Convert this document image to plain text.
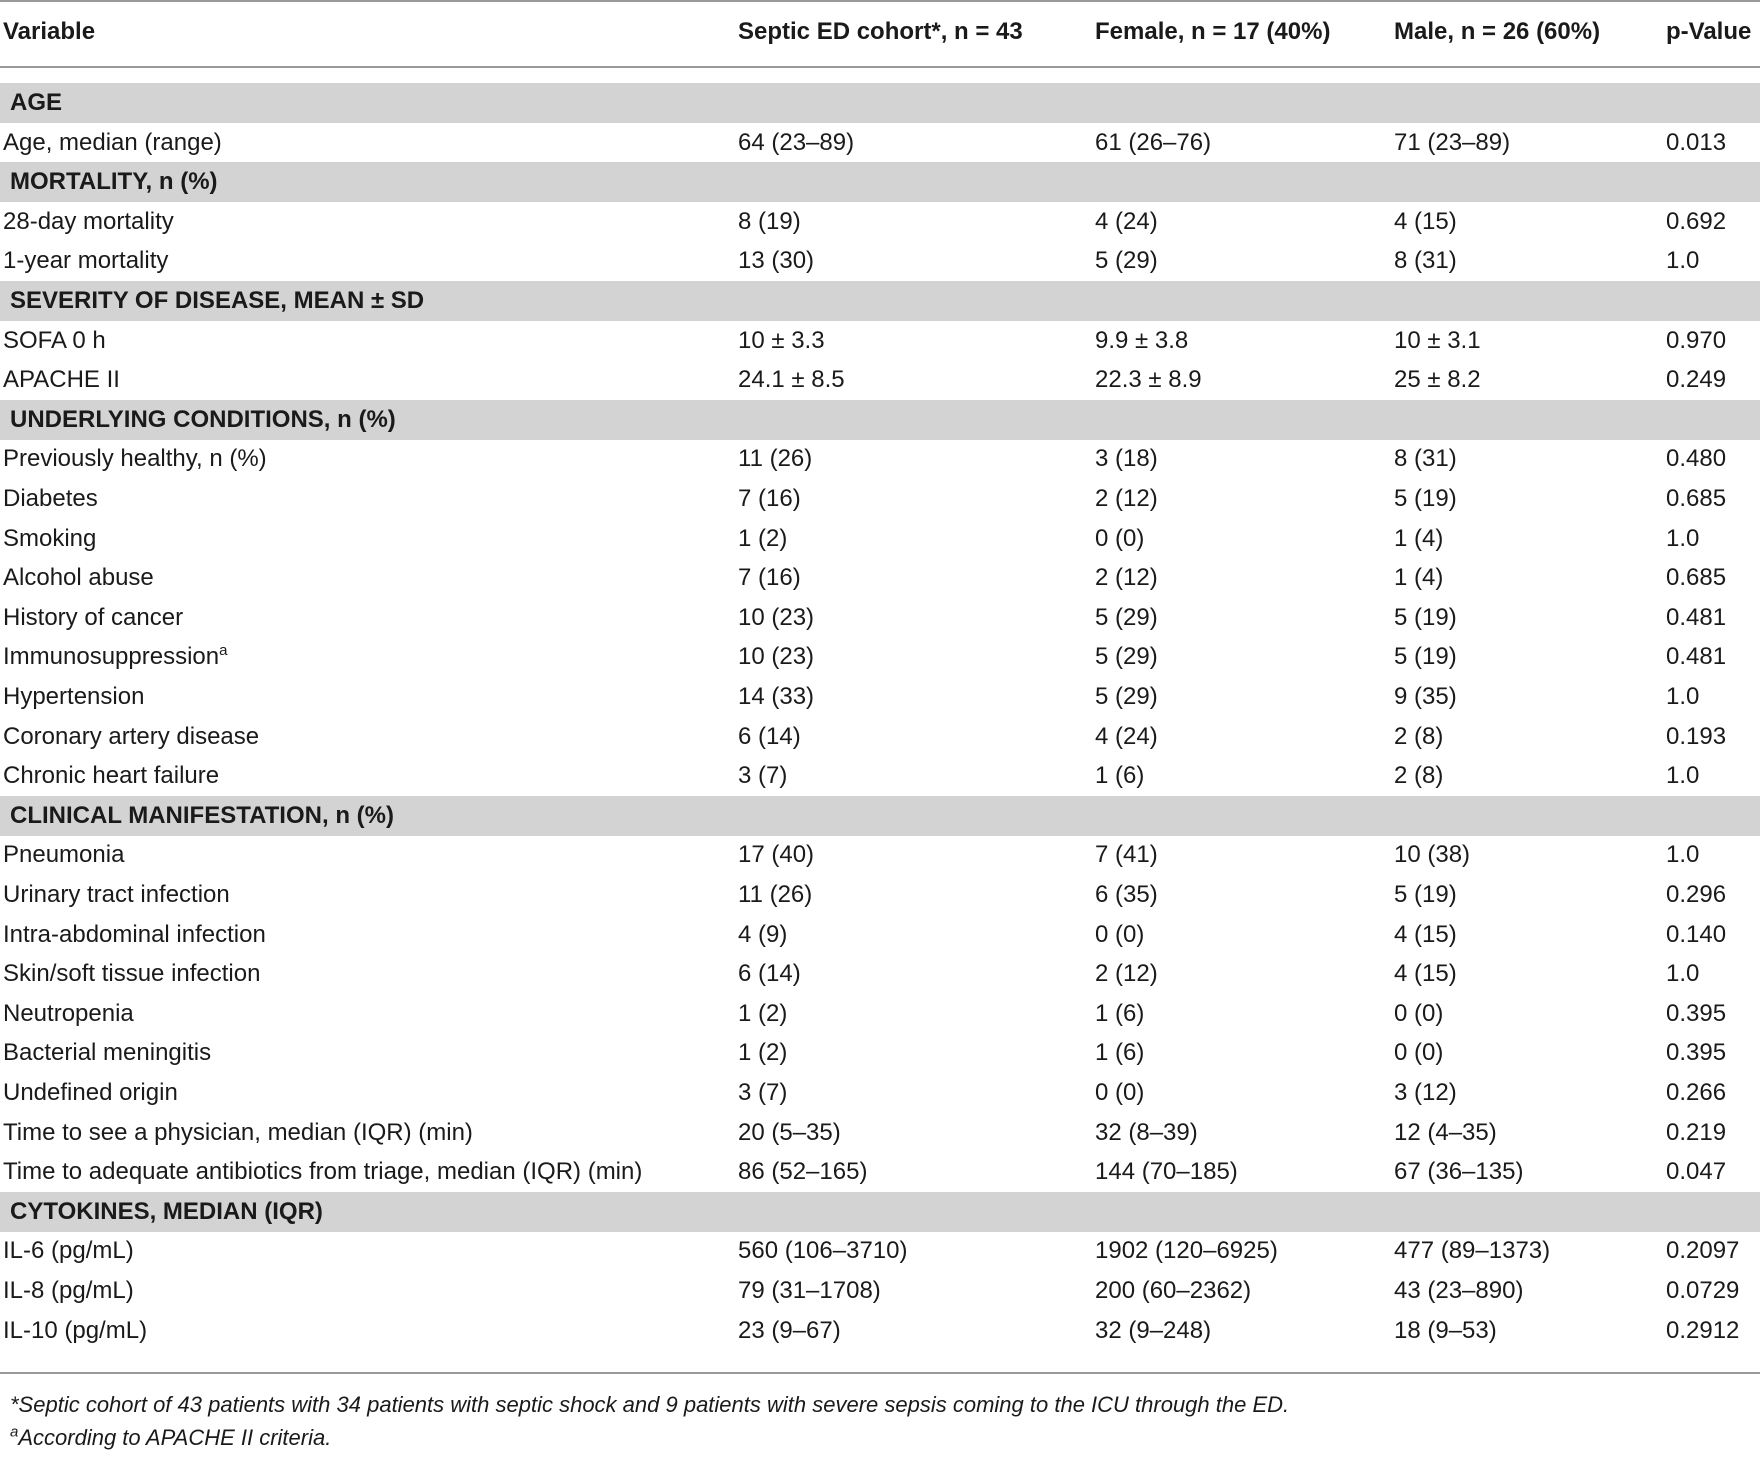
Variable	Septic ED cohort*, n = 43	Female, n = 17 (40%)	Male, n = 26 (60%)	p-Value
AGE
Age, median (range)	64 (23–89)	61 (26–76)	71 (23–89)	0.013
MORTALITY, n (%)
28-day mortality	8 (19)	4 (24)	4 (15)	0.692
1-year mortality	13 (30)	5 (29)	8 (31)	1.0
SEVERITY OF DISEASE, MEAN ± SD
SOFA 0 h	10 ± 3.3	9.9 ± 3.8	10 ± 3.1	0.970
APACHE II	24.1 ± 8.5	22.3 ± 8.9	25 ± 8.2	0.249
UNDERLYING CONDITIONS, n (%)
Previously healthy, n (%)	11 (26)	3 (18)	8 (31)	0.480
Diabetes	7 (16)	2 (12)	5 (19)	0.685
Smoking	1 (2)	0 (0)	1 (4)	1.0
Alcohol abuse	7 (16)	2 (12)	1 (4)	0.685
History of cancer	10 (23)	5 (29)	5 (19)	0.481
Immunosuppression$^a$	10 (23)	5 (29)	5 (19)	0.481
Hypertension	14 (33)	5 (29)	9 (35)	1.0
Coronary artery disease	6 (14)	4 (24)	2 (8)	0.193
Chronic heart failure	3 (7)	1 (6)	2 (8)	1.0
CLINICAL MANIFESTATION, n (%)
Pneumonia	17 (40)	7 (41)	10 (38)	1.0
Urinary tract infection	11 (26)	6 (35)	5 (19)	0.296
Intra-abdominal infection	4 (9)	0 (0)	4 (15)	0.140
Skin/soft tissue infection	6 (14)	2 (12)	4 (15)	1.0
Neutropenia	1 (2)	1 (6)	0 (0)	0.395
Bacterial meningitis	1 (2)	1 (6)	0 (0)	0.395
Undefined origin	3 (7)	0 (0)	3 (12)	0.266
Time to see a physician, median (IQR) (min)	20 (5–35)	32 (8–39)	12 (4–35)	0.219
Time to adequate antibiotics from triage, median (IQR) (min)	86 (52–165)	144 (70–185)	67 (36–135)	0.047
CYTOKINES, MEDIAN (IQR)
IL-6 (pg/mL)	560 (106–3710)	1902 (120–6925)	477 (89–1373)	0.2097
IL-8 (pg/mL)	79 (31–1708)	200 (60–2362)	43 (23–890)	0.0729
IL-10 (pg/mL)	23 (9–67)	32 (9–248)	18 (9–53)	0.2912
*Septic cohort of 43 patients with 34 patients with septic shock and 9 patients with severe sepsis coming to the ICU through the ED.
$^a$According to APACHE II criteria.
